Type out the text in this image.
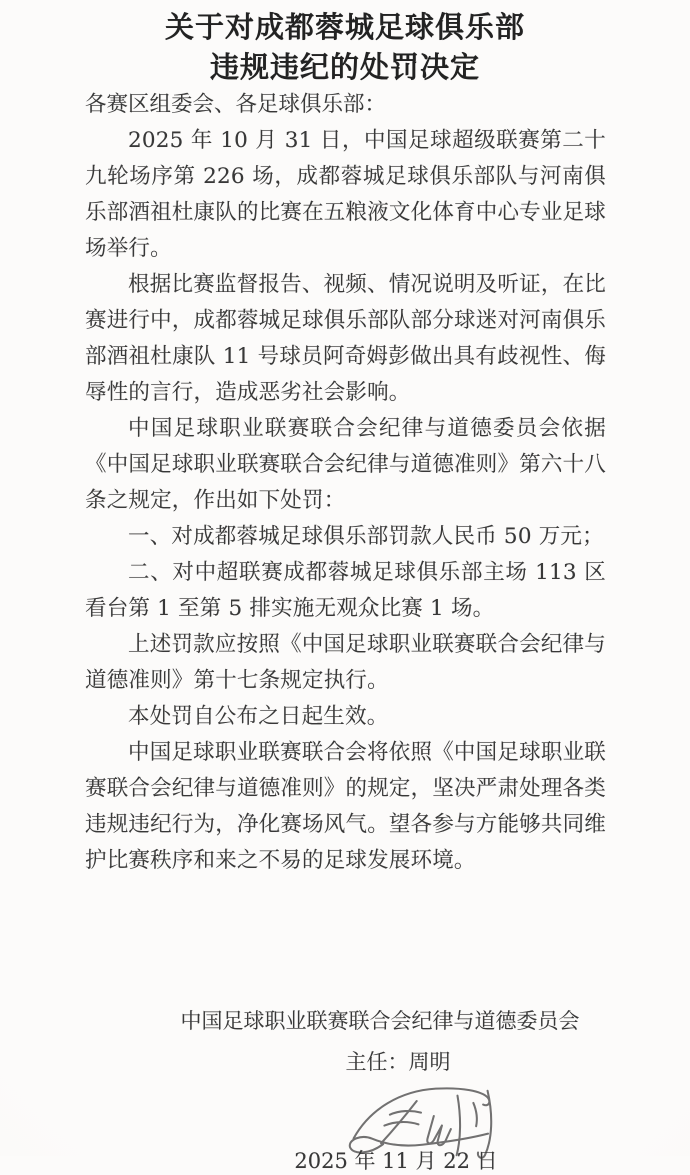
关于对成都蓉城足球俱乐部
违规违纪的处罚决定

各赛区组委会、各足球俱乐部：

2025 年 10 月 31 日，中国足球超级联赛第二十九轮场序第 226 场，成都蓉城足球俱乐部队与河南俱乐部酒祖杜康队的比赛在五粮液文化体育中心专业足球场举行。

根据比赛监督报告、视频、情况说明及听证，在比赛进行中，成都蓉城足球俱乐部队部分球迷对河南俱乐部酒祖杜康队 11 号球员阿奇姆彭做出具有歧视性、侮辱性的言行，造成恶劣社会影响。

中国足球职业联赛联合会纪律与道德委员会依据《中国足球职业联赛联合会纪律与道德准则》第六十八条之规定，作出如下处罚：

一、对成都蓉城足球俱乐部罚款人民币 50 万元；

二、对中超联赛成都蓉城足球俱乐部主场 113 区看台第 1 至第 5 排实施无观众比赛 1 场。

上述罚款应按照《中国足球职业联赛联合会纪律与道德准则》第十七条规定执行。

本处罚自公布之日起生效。

中国足球职业联赛联合会将依照《中国足球职业联赛联合会纪律与道德准则》的规定，坚决严肃处理各类违规违纪行为，净化赛场风气。望各参与方能够共同维护比赛秩序和来之不易的足球发展环境。

中国足球职业联赛联合会纪律与道德委员会

主任：周明

2025 年 11 月 22 日
